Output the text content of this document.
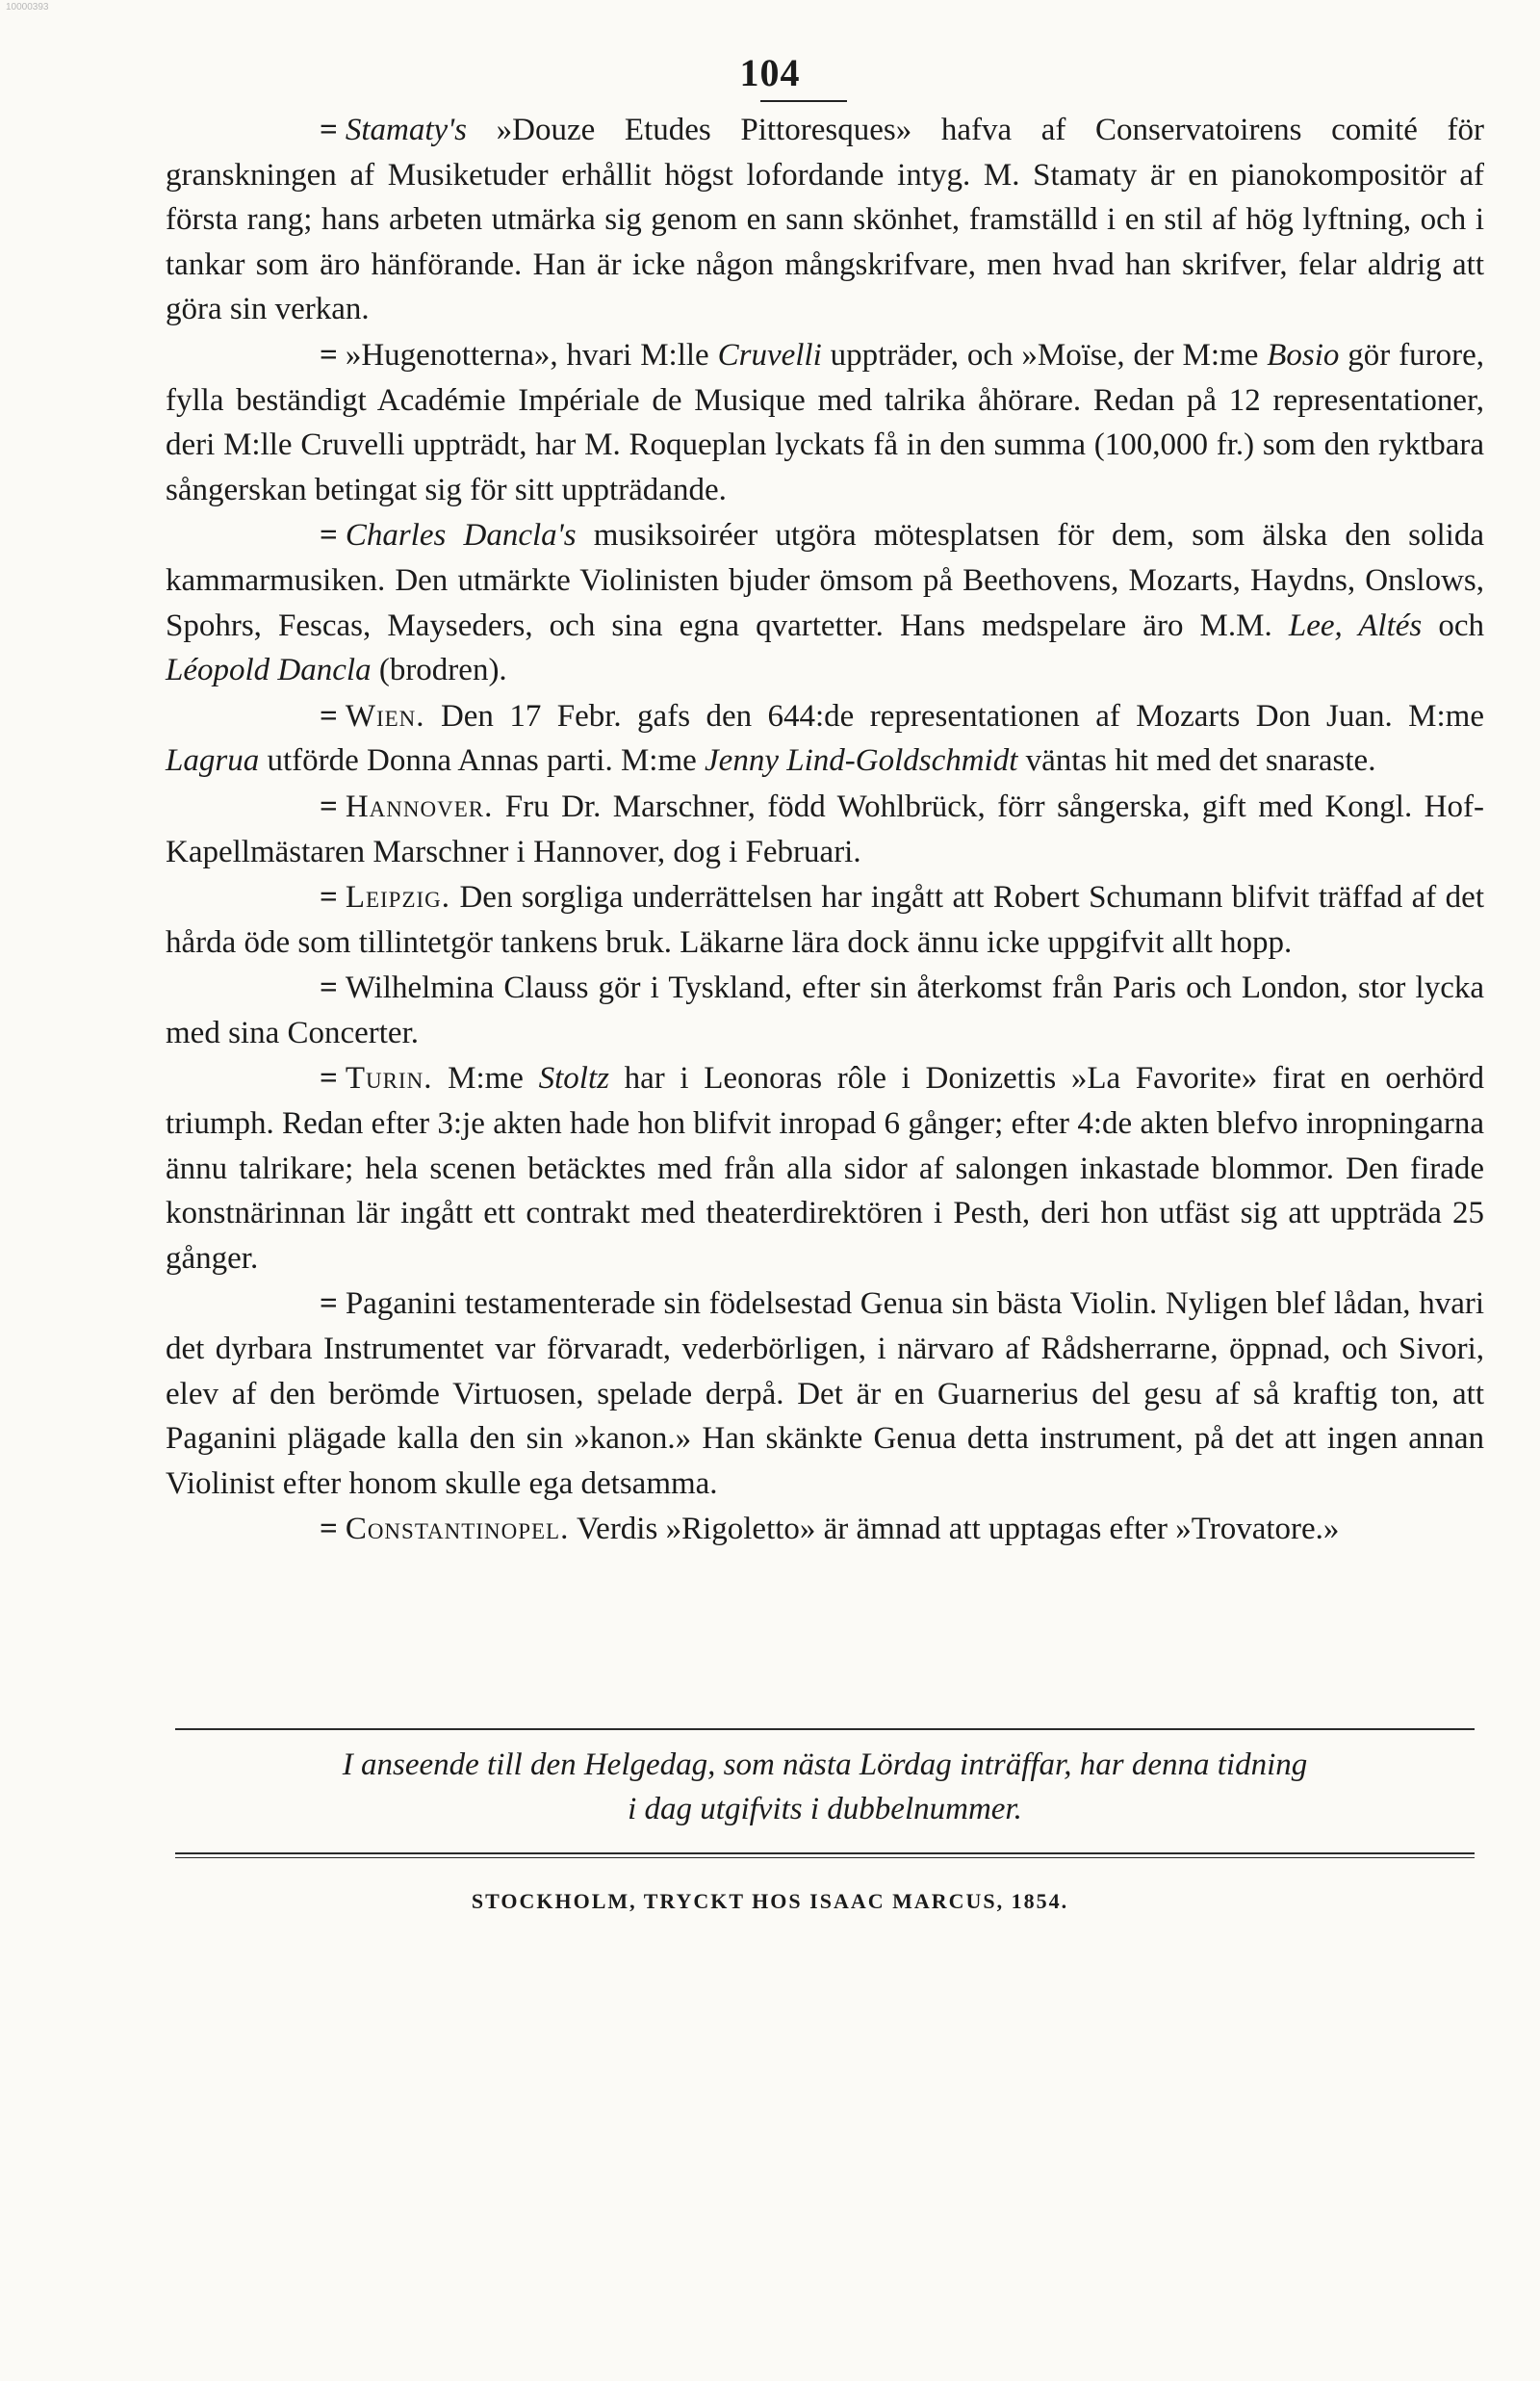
10000393
104

= Stamaty's »Douze Etudes Pittoresques» hafva af Conservatoirens comité för granskningen af Musiketuder erhållit högst lofordande intyg. M. Stamaty är en pianokompositör af första rang; hans arbeten utmärka sig genom en sann skönhet, framställd i en stil af hög lyftning, och i tankar som äro hänförande. Han är icke någon mångskrifvare, men hvad han skrifver, felar aldrig att göra sin verkan.

= »Hugenotterna», hvari M:lle Cruvelli uppträder, och »Moïse, der M:me Bosio gör furore, fylla beständigt Académie Impériale de Musique med talrika åhörare. Redan på 12 representationer, deri M:lle Cruvelli uppträdt, har M. Roqueplan lyckats få in den summa (100,000 fr.) som den ryktbara sångerskan betingat sig för sitt uppträdande.

= Charles Dancla's musiksoiréer utgöra mötesplatsen för dem, som älska den solida kammarmusiken. Den utmärkte Violinisten bjuder ömsom på Beethovens, Mozarts, Haydns, Onslows, Spohrs, Fescas, Mayseders, och sina egna qvartetter. Hans medspelare äro M.M. Lee, Altés och Léopold Dancla (brodren).

= Wien. Den 17 Febr. gafs den 644:de representationen af Mozarts Don Juan. M:me Lagrua utförde Donna Annas parti. M:me Jenny Lind-Goldschmidt väntas hit med det snaraste.

= Hannover. Fru Dr. Marschner, född Wohlbrück, förr sångerska, gift med Kongl. Hof-Kapellmästaren Marschner i Hannover, dog i Februari.

= Leipzig. Den sorgliga underrättelsen har ingått att Robert Schumann blifvit träffad af det hårda öde som tillintetgör tankens bruk. Läkarne lära dock ännu icke uppgifvit allt hopp.

= Wilhelmina Clauss gör i Tyskland, efter sin återkomst från Paris och London, stor lycka med sina Concerter.

= Turin. M:me Stoltz har i Leonoras rôle i Donizettis »La Favorite» firat en oerhörd triumph. Redan efter 3:je akten hade hon blifvit inropad 6 gånger; efter 4:de akten blefvo inropningarna ännu talrikare; hela scenen betäcktes med från alla sidor af salongen inkastade blommor. Den firade konstnärinnan lär ingått ett contrakt med theaterdirektören i Pesth, deri hon utfäst sig att uppträda 25 gånger.

= Paganini testamenterade sin födelsestad Genua sin bästa Violin. Nyligen blef lådan, hvari det dyrbara Instrumentet var förvaradt, vederbörligen, i närvaro af Rådsherrarne, öppnad, och Sivori, elev af den berömde Virtuosen, spelade derpå. Det är en Guarnerius del gesu af så kraftig ton, att Paganini plägade kalla den sin »kanon.» Han skänkte Genua detta instrument, på det att ingen annan Violinist efter honom skulle ega detsamma.

= Constantinopel. Verdis »Rigoletto» är ämnad att upptagas efter »Trovatore.»

I anseende till den Helgedag, som nästa Lördag inträffar, har denna tidning
i dag utgifvits i dubbelnummer.
STOCKHOLM, TRYCKT HOS ISAAC MARCUS, 1854.
